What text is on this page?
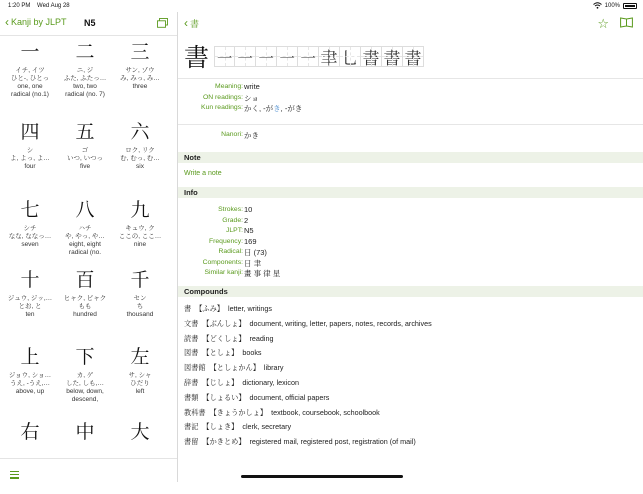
1:20 PM Wed Aug 28	100%
‹ Kanji by JLPT N5
一
イチ, イツ
ひと-, ひとっ
one, one
radical (no.1)
二
ニ, ジ
ふた, ふたっ…
two, two
radical (no. 7)
三
サン, ゾウ
み, みっ, み…
three
四
シ
よ, よっ, よ…
four
五
ゴ
いつ, いつっ
five
六
ロク, リク
む, むっ, む…
six
七
シチ
なな, ななっ…
seven
八
ハチ
や, やっ, や…
eight, eight
radical (no.
九
キュウ, ク
ここの, ここ…
nine
十
ジュウ, ジッ,…
とお, と
ten
百
ヒャク, ビャク
もも
hundred
千
セン
ち
thousand
上
ジョウ, ショ…
うえ, -うえ,…
above, up
下
カ, ゲ
した, しも,…
below, down,
descend,
左
サ, シャ
ひだり
left
右	中	大
‹ 書	☆
書 ㇐ ㇐ ㇐ ㇐ ㇐ 聿 ⺃ 書 書 書
Meaning: write
ON readings: ショ
Kun readings: かく, -がき, -がき
Nanori: かき
Note
Write a note
Info
Strokes: 10
Grade: 2
JLPT: N5
Frequency: 169
Radical: 日 (73)
Components: 日 聿
Similar kanji: 畫 事 律 星
Compounds
書 【ふみ】 letter, writings
文書 【ぶんしょ】 document, writing, letter, papers, notes, records, archives
読書 【どくしょ】 reading
図書 【としょ】 books
図書館 【としょかん】 library
辞書 【じしょ】 dictionary, lexicon
書類 【しょるい】 document, official papers
教科書 【きょうかしょ】 textbook, coursebook, schoolbook
書記 【しょき】 clerk, secretary
書留 【かきとめ】 registered mail, registered post, registration (of mail)
